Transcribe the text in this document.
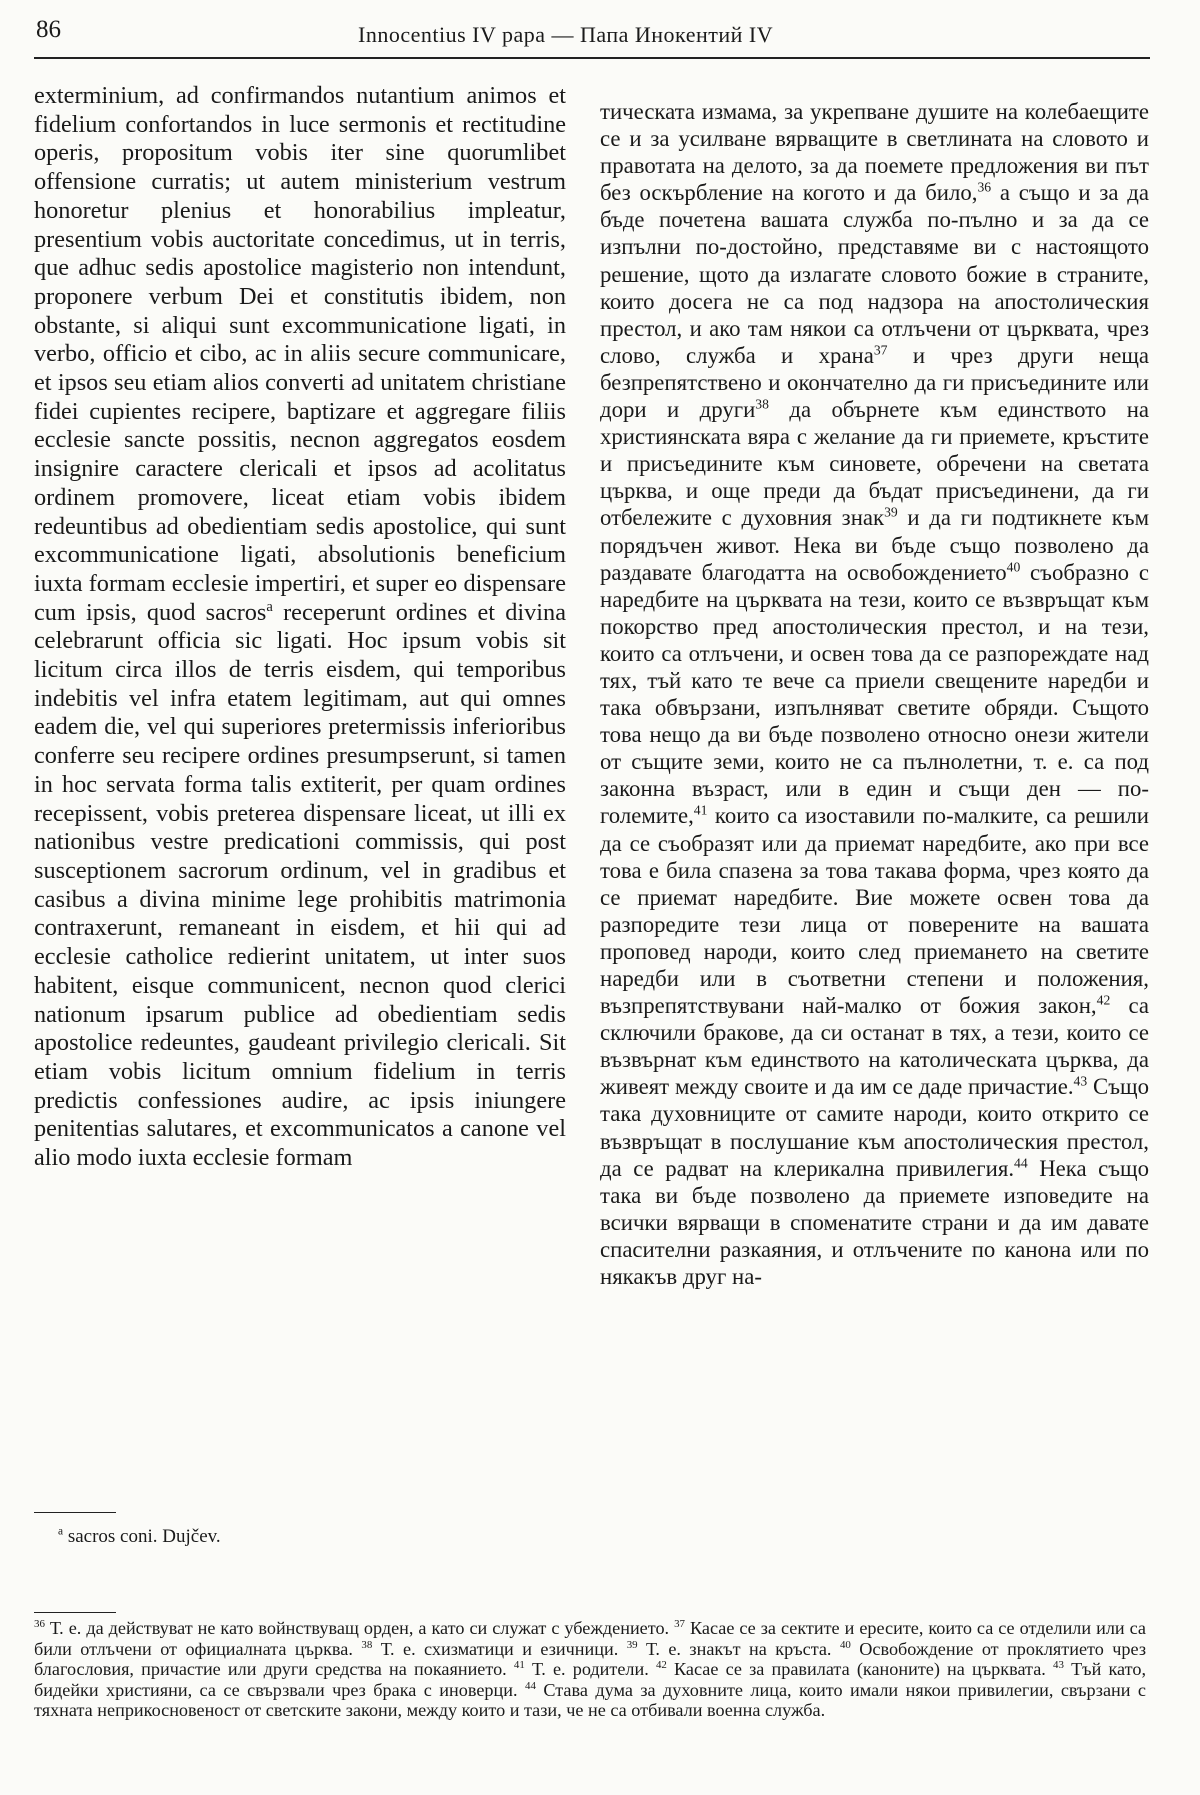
86	Innocentius IV papa — Папа Инокентий IV

exterminium, ad confirmandos nutantium animos et fidelium confortandos in luce sermonis et rectitudine operis, propositum vobis iter sine quorumlibet offensione curratis; ut autem ministerium vestrum honoretur plenius et honorabilius impleatur, presentium vobis auctoritate concedimus, ut in terris, que adhuc sedis apostolice magisterio non intendunt, proponere verbum Dei et constitutis ibidem, non obstante, si aliqui sunt excommunicatione ligati, in verbo, officio et cibo, ac in aliis secure communicare, et ipsos seu etiam alios converti ad unitatem christiane fidei cupientes recipere, baptizare et aggregare filiis ecclesie sancte possitis, necnon aggregatos eosdem insignire caractere clericali et ipsos ad acolitatus ordinem promovere, liceat etiam vobis ibidem redeuntibus ad obedientiam sedis apostolice, qui sunt excommunicatione ligati, absolutionis beneficium iuxta formam ecclesie impertiri, et super eo dispensare cum ipsis, quod sacros$^a$ receperunt ordines et divina celebrarunt officia sic ligati. Hoc ipsum vobis sit licitum circa illos de terris eisdem, qui temporibus indebitis vel infra etatem legitimam, aut qui omnes eadem die, vel qui superiores pretermissis inferioribus conferre seu recipere ordines presumpserunt, si tamen in hoc servata forma talis extiterit, per quam ordines recepissent, vobis preterea dispensare liceat, ut illi ex nationibus vestre predicationi commissis, qui post susceptionem sacrorum ordinum, vel in gradibus et casibus a divina minime lege prohibitis matrimonia contraxerunt, remaneant in eisdem, et hii qui ad ecclesie catholice redierint unitatem, ut inter suos habitent, eisque communicent, necnon quod clerici nationum ipsarum publice ad obedientiam sedis apostolice redeuntes, gaudeant privilegio clericali. Sit etiam vobis licitum omnium fidelium in terris predictis confessiones audire, ac ipsis iniungere penitentias salutares, et excommunicatos a canone vel alio modo iuxta ecclesie formam

тическата измама, за укрепване душите на колебаещите се и за усилване вярващите в светлината на словото и правотата на делото, за да поемете предложения ви път без оскърбление на когото и да било,$^{36}$ а също и за да бъде почетена вашата служба по-пълно и за да се изпълни по-достойно, представяме ви с настоящото решение, щото да излагате словото божие в страните, които досега не са под надзора на апостолическия престол, и ако там някои са отлъчени от църквата, чрез слово, служба и храна$^{37}$ и чрез други неща безпрепятствено и окончателно да ги присъедините или дори и други$^{38}$ да обърнете към единството на християнската вяра с желание да ги приемете, кръстите и присъедините към синовете, обречени на светата църква, и още преди да бъдат присъединени, да ги отбележите с духовния знак$^{39}$ и да ги подтикнете към порядъчен живот. Нека ви бъде също позволено да раздавате благодатта на освобождението$^{40}$ съобразно с наредбите на църквата на тези, които се възвръщат към покорство пред апостолическия престол, и на тези, които са отлъчени, и освен това да се разпореждате над тях, тъй като те вече са приели свещените наредби и така обвързани, изпълняват светите обряди. Същото това нещо да ви бъде позволено относно онези жители от същите земи, които не са пълнолетни, т. е. са под законна възраст, или в един и същи ден — по-големите,$^{41}$ които са изоставили по-малките, са решили да се съобразят или да приемат наредбите, ако при все това е била спазена за това такава форма, чрез която да се приемат наредбите. Вие можете освен това да разпоредите тези лица от поверените на вашата проповед народи, които след приемането на светите наредби или в съответни степени и положения, възпрепятствувани най-малко от божия закон,$^{42}$ са сключили бракове, да си останат в тях, а тези, които се възвърнат към единството на католическата църква, да живеят между своите и да им се даде причастие.$^{43}$ Също така духовниците от самите народи, които открито се възвръщат в послушание към апостолическия престол, да се радват на клерикална привилегия.$^{44}$ Нека също така ви бъде позволено да приемете изповедите на всички вярващи в споменатите страни и да им давате спасителни разкаяния, и отлъчените по канона или по някакъв друг на-

$^a$ sacros coni. Dujčev.

$^{36}$ Т. е. да действуват не като войнствуващ орден, а като си служат с убеждението. $^{37}$ Касае се за сектите и ересите, които са се отделили или са били отлъчени от официалната църква. $^{38}$ Т. е. схизматици и езичници. $^{39}$ Т. е. знакът на кръста. $^{40}$ Освобождение от проклятието чрез благословия, причастие или други средства на покаянието. $^{41}$ Т. е. родители. $^{42}$ Касае се за правилата (каноните) на църквата. $^{43}$ Тъй като, бидейки християни, са се свързвали чрез брака с иноверци. $^{44}$ Става дума за духовните лица, които имали някои привилегии, свързани с тяхната неприкосновеност от светските закони, между които и тази, че не са отбивали военна служба.
